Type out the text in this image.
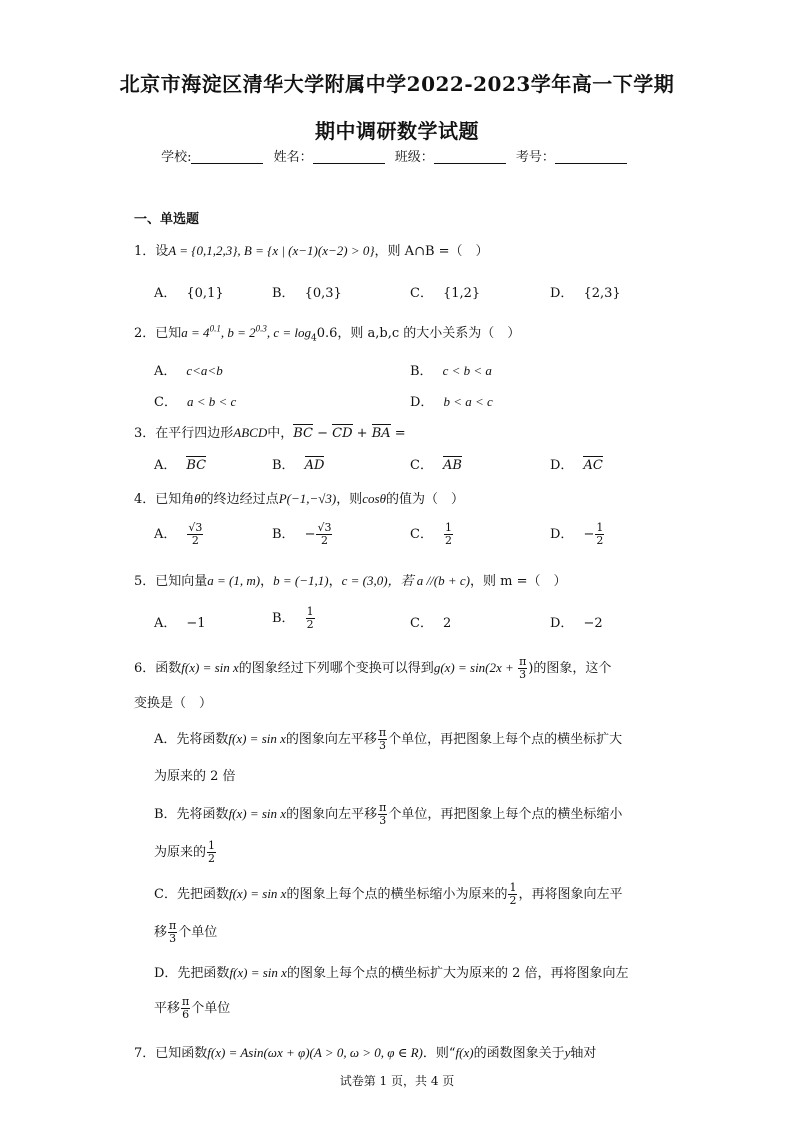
北京市海淀区清华大学附属中学2022-2023学年高一下学期
期中调研数学试题
学校:	姓名：	班级：	考号：
一、单选题
1．设A = {0,1,2,3}, B = {x | (x−1)(x−2) > 0}，则 A∩B =（　）
A． {0,1}	B． {0,3}	C． {1,2}	D． {2,3}
2．已知$a = 4^{0.1}$, $b = 2^{0.3}$, $c = \log_40.6$，则 a,b,c 的大小关系为（　）
A． c<a<b	B． c < b < a
C． a < b < c	D． b < a < c
3．在平行四边形ABCD中，BC − CD + BA =
A． BC	B． AD	C． AB	D． AC
4．已知角θ的终边经过点P(−1,−√3)，则cosθ的值为（　）
A． $\frac{√3}{2}$	B． − $\frac{√3}{2}$	C． $\frac{1}{2}$	D． − $\frac{1}{2}$
5．已知向量a = (1, m)，b = (−1,1)，c = (3,0)，若 a //(b + c)，则 m =（　）
A． −1	B． $\frac{1}{2}$	C． 2	D． −2
6．函数f(x) = sin x的图象经过下列哪个变换可以得到$g(x) = \sin(2x + \frac{\pi}{3}$ )的图象，这个
变换是（　）
A．先将函数f(x) = sin x的图象向左平移 $\frac{\pi}{3}$ 个单位，再把图象上每个点的横坐标扩大
为原来的 2 倍
B．先将函数f(x) = sin x的图象向左平移 $\frac{\pi}{3}$ 个单位，再把图象上每个点的横坐标缩小
为原来的 $\frac{1}{2}$
C．先把函数f(x) = sin x的图象上每个点的横坐标缩小为原来的 $\frac{1}{2}$ ，再将图象向左平
移 $\frac{\pi}{3}$ 个单位
D．先把函数f(x) = sin x的图象上每个点的横坐标扩大为原来的 2 倍，再将图象向左
平移 $\frac{\pi}{6}$ 个单位
7．已知函数f(x) = Asin(ωx + φ)(A > 0, ω > 0, φ ∈ R)．则“f(x)的函数图象关于y轴对
试卷第 1 页，共 4 页
